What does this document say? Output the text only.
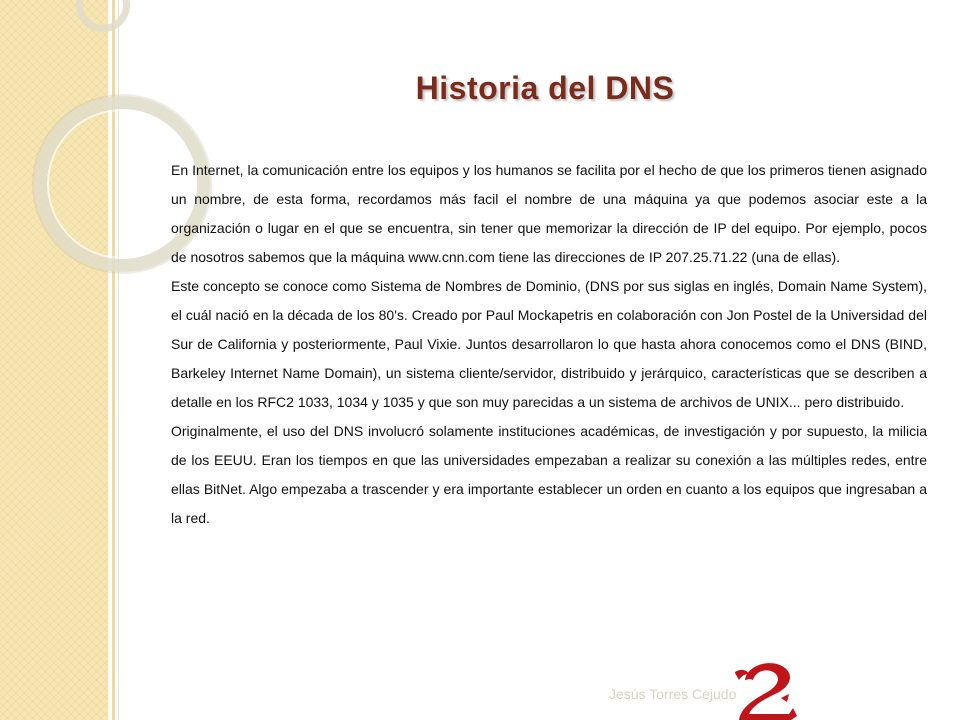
Historia del DNS

En Internet, la comunicación entre los equipos y los humanos se facilita por el hecho de que los primeros tienen asignado un nombre, de esta forma, recordamos más facil el nombre de una máquina ya que podemos asociar este a la organización o lugar en el que se encuentra, sin tener que memorizar la dirección de IP del equipo. Por ejemplo, pocos de nosotros sabemos que la máquina www.cnn.com tiene las direcciones de IP 207.25.71.22 (una de ellas).

Este concepto se conoce como Sistema de Nombres de Dominio, (DNS por sus siglas en inglés, Domain Name System), el cuál nació en la década de los 80's. Creado por Paul Mockapetris en colaboración con Jon Postel de la Universidad del Sur de California y posteriormente, Paul Vixie. Juntos desarrollaron lo que hasta ahora conocemos como el DNS (BIND, Barkeley Internet Name Domain), un sistema cliente/servidor, distribuido y jerárquico, características que se describen a detalle en los RFC2 1033, 1034 y 1035 y que son muy parecidas a un sistema de archivos de UNIX... pero distribuido.

Originalmente, el uso del DNS involucró solamente instituciones académicas, de investigación y por supuesto, la milicia de los EEUU. Eran los tiempos en que las universidades empezaban a realizar su conexión a las múltiples redes, entre ellas BitNet. Algo empezaba a trascender y era importante establecer un orden en cuanto a los equipos que ingresaban a la red.

Jesús Torres Cejudo
